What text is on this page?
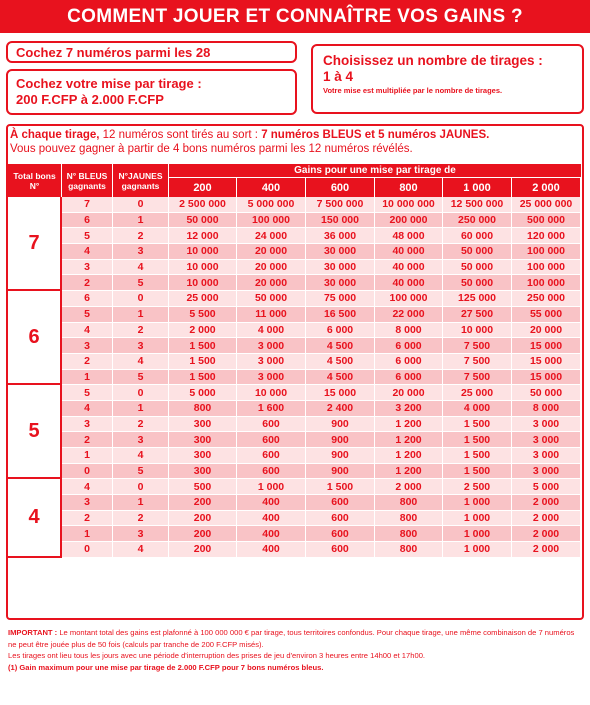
COMMENT JOUER ET CONNAÎTRE VOS GAINS ?
Cochez 7 numéros parmi les 28
Cochez votre mise par tirage :
200 F.CFP à 2.000 F.CFP
Choisissez un nombre de tirages :
1 à 4
Votre mise est multipliée par le nombre de tirages.
À chaque tirage, 12 numéros sont tirés au sort : 7 numéros BLEUS et 5 numéros JAUNES.
Vous pouvez gagner à partir de 4 bons numéros parmi les 12 numéros révélés.
Total bons N°	N° BLEUS gagnants	N°JAUNES gagnants	Gains pour une mise par tirage de					
			200	400	600	800	1 000	2 000
7	7	0	2 500 000	5 000 000	7 500 000	10 000 000	12 500 000	25 000 000
	6	1	50 000	100 000	150 000	200 000	250 000	500 000
	5	2	12 000	24 000	36 000	48 000	60 000	120 000
	4	3	10 000	20 000	30 000	40 000	50 000	100 000
	3	4	10 000	20 000	30 000	40 000	50 000	100 000
	2	5	10 000	20 000	30 000	40 000	50 000	100 000
6	6	0	25 000	50 000	75 000	100 000	125 000	250 000
	5	1	5 500	11 000	16 500	22 000	27 500	55 000
	4	2	2 000	4 000	6 000	8 000	10 000	20 000
	3	3	1 500	3 000	4 500	6 000	7 500	15 000
	2	4	1 500	3 000	4 500	6 000	7 500	15 000
	1	5	1 500	3 000	4 500	6 000	7 500	15 000
5	5	0	5 000	10 000	15 000	20 000	25 000	50 000
	4	1	800	1 600	2 400	3 200	4 000	8 000
	3	2	300	600	900	1 200	1 500	3 000
	2	3	300	600	900	1 200	1 500	3 000
	1	4	300	600	900	1 200	1 500	3 000
	0	5	300	600	900	1 200	1 500	3 000
4	4	0	500	1 000	1 500	2 000	2 500	5 000
	3	1	200	400	600	800	1 000	2 000
	2	2	200	400	600	800	1 000	2 000
	1	3	200	400	600	800	1 000	2 000
	0	4	200	400	600	800	1 000	2 000
IMPORTANT : Le montant total des gains est plafonné à 100 000 000 € par tirage, tous territoires confondus. Pour chaque tirage, une même combinaison de 7 numéros ne peut être jouée plus de 50 fois (calculs par tranche de 200 F.CFP misés).
Les tirages ont lieu tous les jours avec une période d'interruption des prises de jeu d'environ 3 heures entre 14h00 et 17h00.
(1) Gain maximum pour une mise par tirage de 2.000 F.CFP pour 7 bons numéros bleus.
